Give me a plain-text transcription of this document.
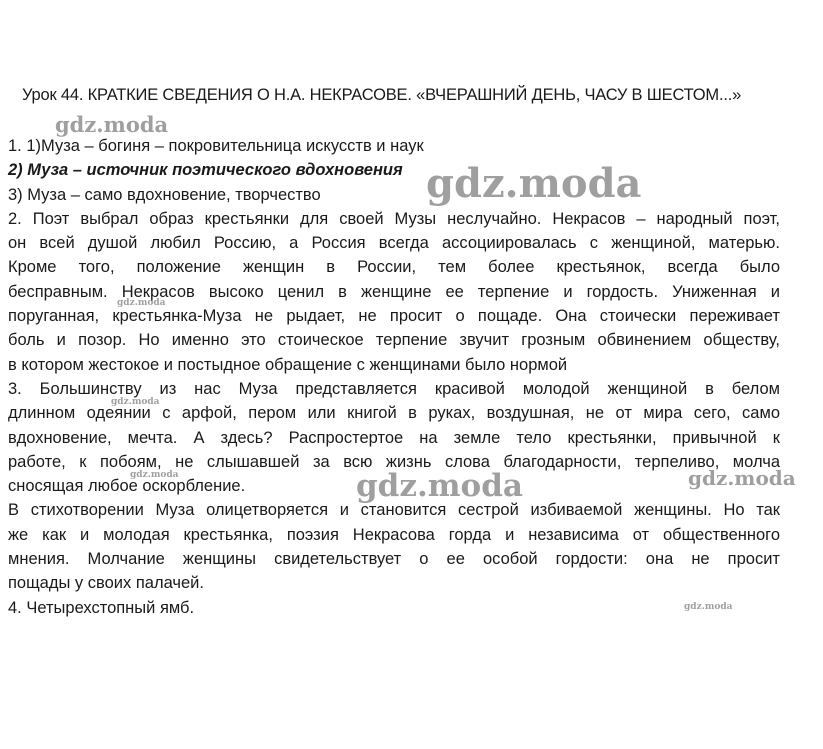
Урок 44. КРАТКИЕ СВЕДЕНИЯ О Н.А. НЕКРАСОВЕ. «ВЧЕРАШНИЙ ДЕНЬ, ЧАСУ В ШЕСТОМ...»
1. 1)Муза – богиня – покровительница искусств и наук
2) Муза – источник поэтического вдохновения
3) Муза – само вдохновение, творчество
2. Поэт выбрал образ крестьянки для своей Музы неслучайно. Некрасов – народный поэт,
он всей душой любил Россию, а Россия всегда ассоциировалась с женщиной, матерью.
Кроме того, положение женщин в России, тем более крестьянок, всегда было
бесправным. Некрасов высоко ценил в женщине ее терпение и гордость. Униженная и
поруганная, крестьянка-Муза не рыдает, не просит о пощаде. Она стоически переживает
боль и позор. Но именно это стоическое терпение звучит грозным обвинением обществу,
в котором жестокое и постыдное обращение с женщинами было нормой
3. Большинству из нас Муза представляется красивой молодой женщиной в белом
длинном одеянии с арфой, пером или книгой в руках, воздушная, не от мира сего, само
вдохновение, мечта. А здесь? Распростертое на земле тело крестьянки, привычной к
работе, к побоям, не слышавшей за всю жизнь слова благодарности, терпеливо, молча
сносящая любое оскорбление.
В стихотворении Муза олицетворяется и становится сестрой избиваемой женщины. Но так
же как и молодая крестьянка, поэзия Некрасова горда и независима от общественного
мнения. Молчание женщины свидетельствует о ее особой гордости: она не просит
пощады у своих палачей.
4. Четырехстопный ямб.
gdz.moda
gdz.moda
gdz.moda
gdz.moda
gdz.moda
gdz.moda
gdz.moda
gdz.moda
